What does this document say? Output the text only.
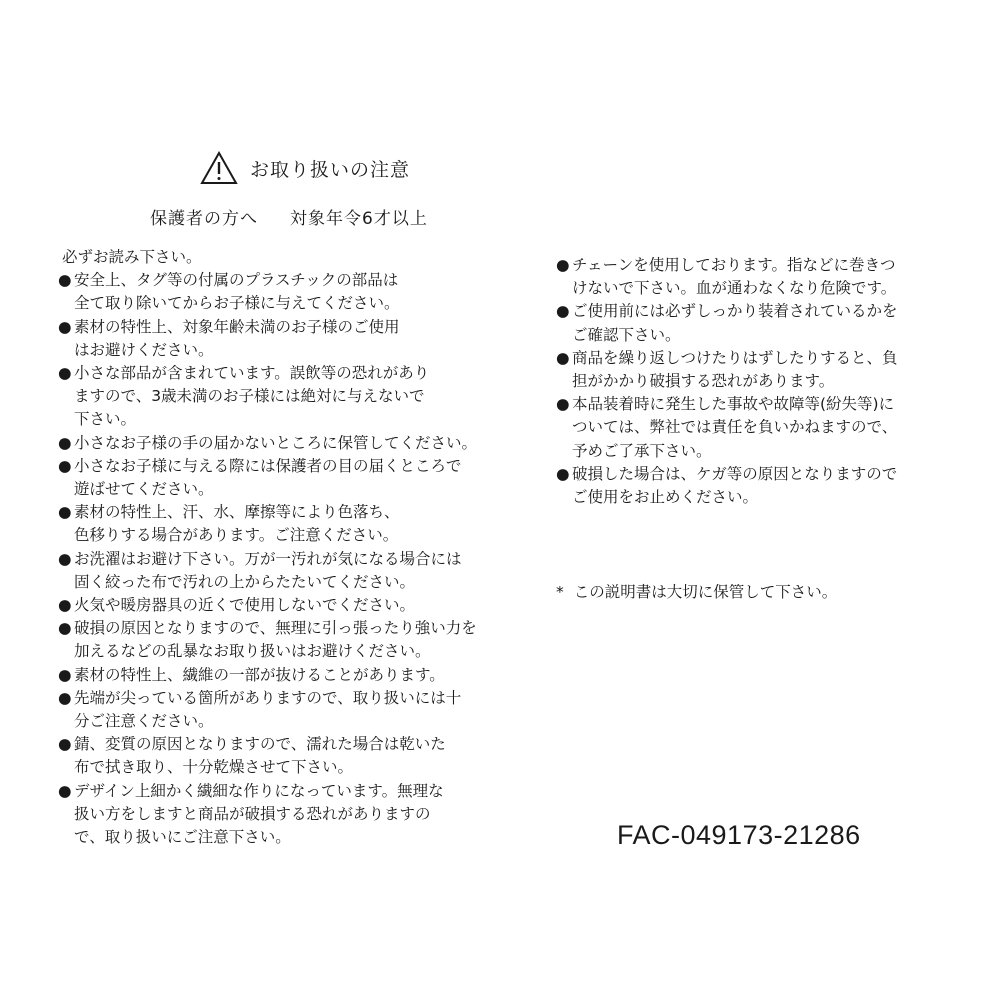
お取り扱いの注意
保護者の方へ 対象年令6才以上
必ずお読み下さい。
● 安全上、タグ等の付属のプラスチックの部品は
全て取り除いてからお子様に与えてください。
● 素材の特性上、対象年齢未満のお子様のご使用
はお避けください。
● 小さな部品が含まれています。誤飲等の恐れがあり
ますので、3歳未満のお子様には絶対に与えないで
下さい。
● 小さなお子様の手の届かないところに保管してください。
● 小さなお子様に与える際には保護者の目の届くところで
遊ばせてください。
● 素材の特性上、汗、水、摩擦等により色落ち、
色移りする場合があります。ご注意ください。
● お洗濯はお避け下さい。万が一汚れが気になる場合には
固く絞った布で汚れの上からたたいてください。
● 火気や暖房器具の近くで使用しないでください。
● 破損の原因となりますので、無理に引っ張ったり強い力を
加えるなどの乱暴なお取り扱いはお避けください。
● 素材の特性上、繊維の一部が抜けることがあります。
● 先端が尖っている箇所がありますので、取り扱いには十
分ご注意ください。
● 錆、変質の原因となりますので、濡れた場合は乾いた
布で拭き取り、十分乾燥させて下さい。
● デザイン上細かく繊細な作りになっています。無理な
扱い方をしますと商品が破損する恐れがありますの
で、取り扱いにご注意下さい。
● チェーンを使用しております。指などに巻きつ
けないで下さい。血が通わなくなり危険です。
● ご使用前には必ずしっかり装着されているかを
ご確認下さい。
● 商品を繰り返しつけたりはずしたりすると、負
担がかかり破損する恐れがあります。
● 本品装着時に発生した事故や故障等(紛失等)に
ついては、弊社では責任を負いかねますので、
予めご了承下さい。
● 破損した場合は、ケガ等の原因となりますので
ご使用をお止めください。
* この説明書は大切に保管して下さい。
FAC-049173-21286
